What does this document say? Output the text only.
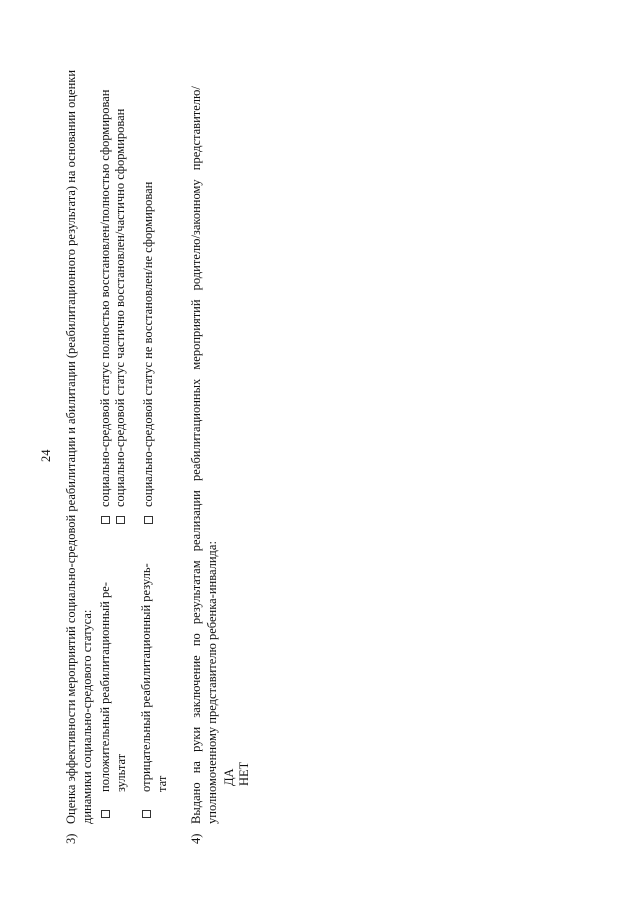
24
3)
Оценка эффективности мероприятий социально-средовой реабилитации и абилитации (реабилитационного результата) на основании оценки динамики социально-средового статуса: положительный реабилитационный ре- зультат
социально-средовой статус полностью восстановлен/полностью сформирован социально-средовой статус частично восстановлен/частично сформирован
отрицательный реабилитационный резуль- тат
социально-средовой статус не восстановлен/не сформирован
4)
Выдано на руки заключение по результатам реализации реабилитационных мероприятий родителю/законному представителю/ уполномоченному представителю ребенка-инвалида: ДА НЕТ
